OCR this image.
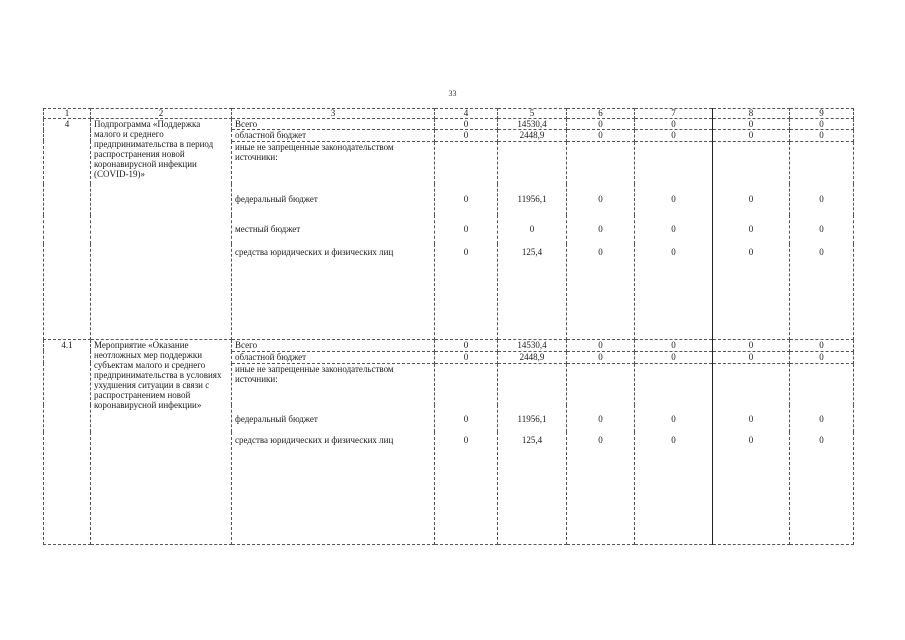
33
1	2	3	4	5	6	7	8	9
4	Подпрограмма «Поддержка малого и среднего предпринимательства в период распространения новой коронавирусной инфекции (COVID-19)»	Всего	0	14530,4	0	0	0	0
		областной бюджет	0	2448,9	0	0	0	0
		иные не запрещенные законодательством источники:						
		федеральный бюджет	0	11956,1	0	0	0	0
		местный бюджет	0	0	0	0	0	0
		средства юридических и физических лиц	0	125,4	0	0	0	0
4.1	Мероприятие «Оказание неотложных мер поддержки субъектам малого и среднего предпринимательства в условиях ухудшения ситуации в связи с распространением новой коронавирусной инфекции»	Всего	0	14530,4	0	0	0	0
		областной бюджет	0	2448,9	0	0	0	0
		иные не запрещенные законодательством источники:						
		федеральный бюджет	0	11956,1	0	0	0	0
		средства юридических и физических лиц	0	125,4	0	0	0	0
